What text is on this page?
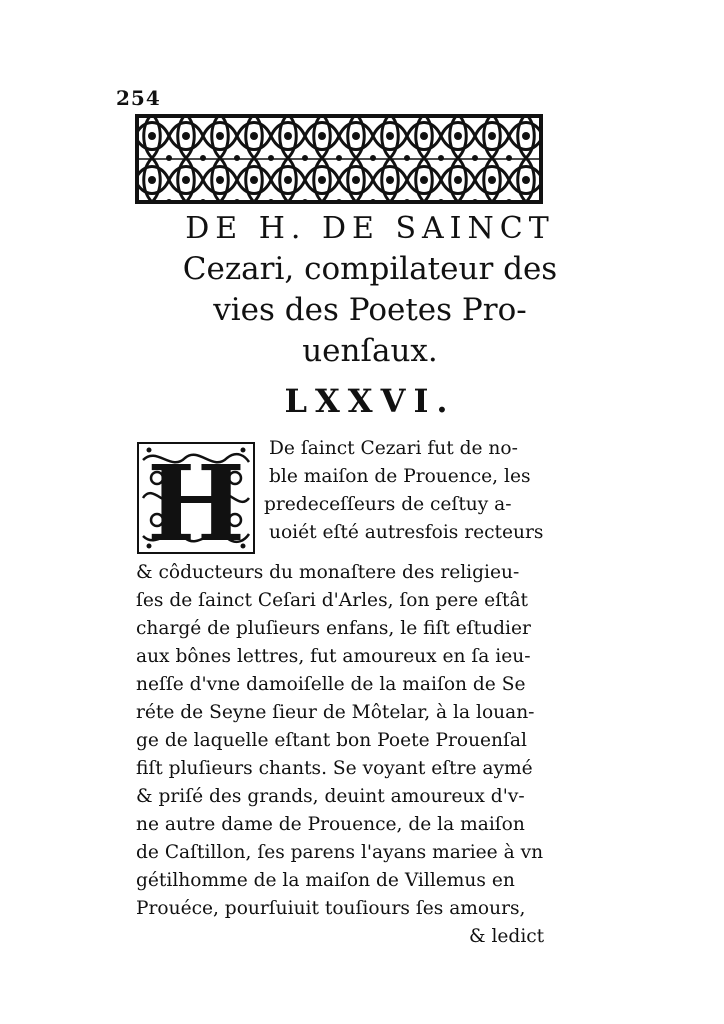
254
DE H. DE SAINCT
Cezari, compilateur des
vies des Poetes Pro-
uenſaux.
LXXVI.
H De ſainct Cezari fut de no-
ble maiſon de Prouence, les
predeceſſeurs de ceſtuy a-
uoiét eſté autresfois recteurs
& côducteurs du monaſtere des religieu-
ſes de ſainct Ceſari d'Arles, ſon pere eſtât
chargé de pluſieurs enfans, le fiſt eſtudier
aux bônes lettres, fut amoureux en ſa ieu-
neſſe d'vne damoiſelle de la maiſon de Se
réte de Seyne ſieur de Môtelar, à la louan-
ge de laquelle eſtant bon Poete Prouenſal
fiſt pluſieurs chants. Se voyant eſtre aymé
& priſé des grands, deuint amoureux d'v-
ne autre dame de Prouence, de la maiſon
de Caſtillon, ſes parens l'ayans mariee à vn
gétilhomme de la maiſon de Villemus en
Prouéce, pourſuiuit touſiours ſes amours,
& ledict
